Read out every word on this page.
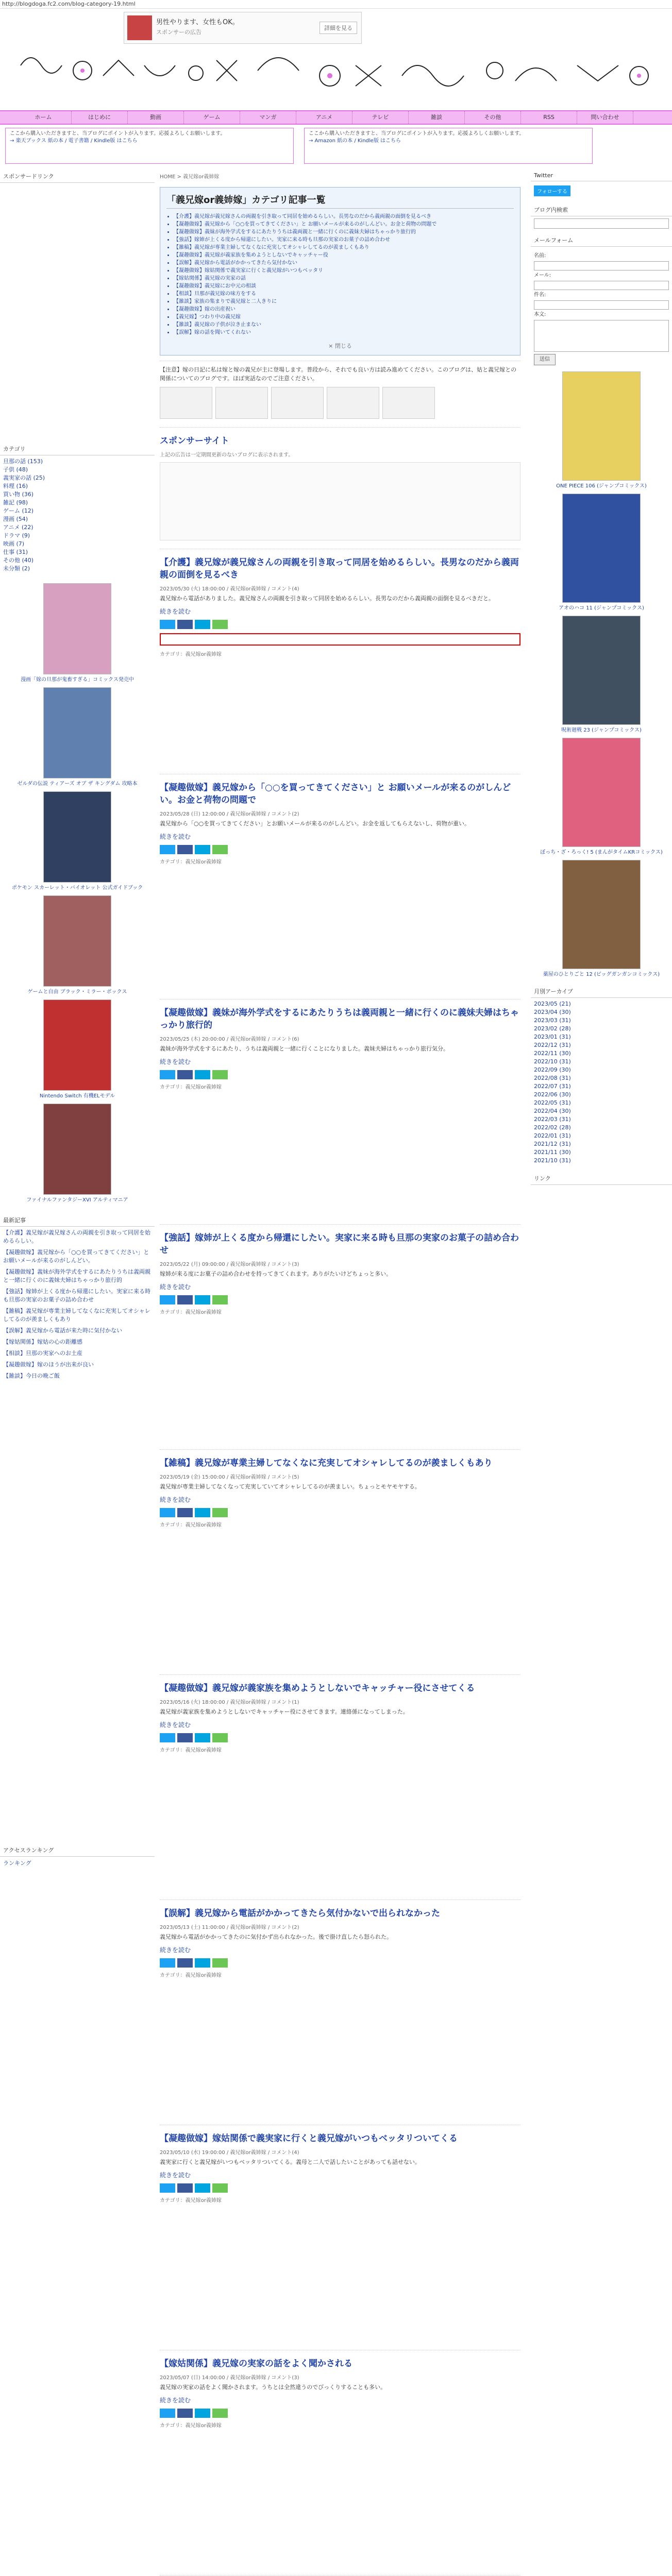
http://blogdoga.fc2.com/blog-category-19.html
男性やります、女性もOK。
スポンサーの広告
詳細を見る
ホーム	はじめに	動画	ゲーム	マンガ	アニメ	テレビ	雑談	その他	RSS	問い合わせ
ここから購入いただきますと、当ブログにポイントが入ります。応援よろしくお願いします。
→ 楽天ブックス 紙の本 / 電子書籍 / Kindle版 はこちら
ここから購入いただきますと、当ブログにポイントが入ります。応援よろしくお願いします。
→ Amazon 紙の本 / Kindle版 はこちら
スポンサードリンク
カテゴリ
旦那の話 (153)
子供 (48)
義実家の話 (25)
料理 (16)
買い物 (36)
雑記 (98)
ゲーム (12)
漫画 (54)
アニメ (22)
ドラマ (9)
映画 (7)
仕事 (31)
その他 (40)
未分類 (2)
漫画「嫁の旦那が鬼畜すぎる」コミックス発売中
ゼルダの伝説 ティアーズ オブ ザ キングダム 攻略本
ポケモン スカーレット・バイオレット 公式ガイドブック
ゲームと自由 ブラック・ミラー・ボックス
Nintendo Switch 有機ELモデル
ファイナルファンタジーXVI アルティマニア
最新記事
【介護】義兄嫁が義兄嫁さんの両親を引き取って同居を始めるらしい。
【凝趣做嫁】義兄嫁から「○○を買ってきてください」と お願いメールが来るのがしんどい。
【凝趣做嫁】義妹が海外学式をするにあたりうちは義両親と一緒に行くのに義妹夫婦はちゃっかり旅行的
【強話】嫁姉が上くる度から帰還にしたい。実家に来る時も旦那の実家のお菓子の詰め合わせ
【雑稿】義兄嫁が専業主婦してなくなに充実してオシャレしてるのが羨ましくもあり
【誤解】義兄嫁から電話が来た時に気付かない
【嫁姑関係】嫁姑の心の距離感
【相談】旦那の実家へのお土産
【凝趣做嫁】嫁のほうが出来が良い
【雑談】今日の晩ご飯
アクセスランキング
ランキング
HOME > 義兄嫁or義姉嫁
「義兄嫁or義姉嫁」カテゴリ記事一覧
• 【介護】義兄嫁が義兄嫁さんの両親を引き取って同居を始めるらしい。長男なのだから義両親の面倒を見るべき
• 【凝趣做嫁】義兄嫁から「○○を買ってきてください」と お願いメールが来るのがしんどい。お金と荷物の問題で
• 【凝趣做嫁】義妹が海外学式をするにあたりうちは義両親と一緒に行くのに義妹夫婦はちゃっかり旅行的
• 【強話】嫁姉が上くる度から帰還にしたい。実家に来る時も旦那の実家のお菓子の詰め合わせ
• 【雑稿】義兄嫁が専業主婦してなくなに充実してオシャレしてるのが羨ましくもあり
• 【凝趣做嫁】義兄嫁が義家族を集めようとしないでキャッチャー役
• 【誤解】義兄嫁から電話がかかってきたら気付かない
• 【凝趣做嫁】嫁姑関係で義実家に行くと義兄嫁がいつもベッタリ
• 【嫁姑関係】義兄嫁の実家の話
• 【凝趣做嫁】義兄嫁にお中元の相談
• 【相談】旦那が義兄嫁の味方をする
• 【雑談】家族の集まりで義兄嫁と二人きりに
• 【凝趣做嫁】嫁の出産祝い
• 【義兄嫁】つわり中の義兄嫁
• 【雑談】義兄嫁の子供が泣き止まない
• 【誤解】嫁の話を聞いてくれない
× 閉じる
【注意】嫁の日記に私は嫁と嫁の義兄が主に登場します。普段から、それでも良い方は読み進めてください。このブログは、姑と義兄嫁との関係についてのブログです。ほぼ実話なのでご注意ください。
スポンサーサイト
上記の広告は一定期間更新のないブログに表示されます。
【介護】義兄嫁が義兄嫁さんの両親を引き取って同居を始めるらしい。長男なのだから義両親の面倒を見るべき
2023/05/30 (火) 18:00:00 / 義兄嫁or義姉嫁 / コメント(4)
義兄嫁から電話がありました。義兄嫁さんの両親を引き取って同居を始めるらしい。長男なのだから義両親の面倒を見るべきだと。
続きを読む
カテゴリ：義兄嫁or義姉嫁
【凝趣做嫁】義兄嫁から「○○を買ってきてください」と お願いメールが来るのがしんどい。お金と荷物の問題で
2023/05/28 (日) 12:00:00 / 義兄嫁or義姉嫁 / コメント(2)
義兄嫁から「○○を買ってきてください」とお願いメールが来るのがしんどい。お金を返してもらえないし、荷物が重い。
続きを読む
カテゴリ：義兄嫁or義姉嫁
【凝趣做嫁】義妹が海外学式をするにあたりうちは義両親と一緒に行くのに義妹夫婦はちゃっかり旅行的
2023/05/25 (木) 20:00:00 / 義兄嫁or義姉嫁 / コメント(6)
義妹が海外学式をするにあたり、うちは義両親と一緒に行くことになりました。義妹夫婦はちゃっかり旅行気分。
続きを読む
カテゴリ：義兄嫁or義姉嫁
【強話】嫁姉が上くる度から帰還にしたい。実家に来る時も旦那の実家のお菓子の詰め合わせ
2023/05/22 (月) 09:00:00 / 義兄嫁or義姉嫁 / コメント(3)
嫁姉が来る度にお菓子の詰め合わせを持ってきてくれます。ありがたいけどちょっと多い。
続きを読む
カテゴリ：義兄嫁or義姉嫁
【雑稿】義兄嫁が専業主婦してなくなに充実してオシャレしてるのが羨ましくもあり
2023/05/19 (金) 15:00:00 / 義兄嫁or義姉嫁 / コメント(5)
義兄嫁が専業主婦してなくなって充実していてオシャレしてるのが羨ましい。ちょっとモヤモヤする。
続きを読む
カテゴリ：義兄嫁or義姉嫁
【凝趣做嫁】義兄嫁が義家族を集めようとしないでキャッチャー役にさせてくる
2023/05/16 (火) 18:00:00 / 義兄嫁or義姉嫁 / コメント(1)
義兄嫁が義家族を集めようとしないでキャッチャー役にさせてきます。連絡係になってしまった。
続きを読む
カテゴリ：義兄嫁or義姉嫁
【誤解】義兄嫁から電話がかかってきたら気付かないで出られなかった
2023/05/13 (土) 11:00:00 / 義兄嫁or義姉嫁 / コメント(2)
義兄嫁から電話がかかってきたのに気付かず出られなかった。後で掛け直したら怒られた。
続きを読む
カテゴリ：義兄嫁or義姉嫁
【凝趣做嫁】嫁姑関係で義実家に行くと義兄嫁がいつもベッタリついてくる
2023/05/10 (水) 19:00:00 / 義兄嫁or義姉嫁 / コメント(4)
義実家に行くと義兄嫁がいつもベッタリついてくる。義母と二人で話したいことがあっても話せない。
続きを読む
カテゴリ：義兄嫁or義姉嫁
【嫁姑関係】義兄嫁の実家の話をよく聞かされる
2023/05/07 (日) 14:00:00 / 義兄嫁or義姉嫁 / コメント(3)
義兄嫁の実家の話をよく聞かされます。うちとは全然違うのでびっくりすることも多い。
続きを読む
カテゴリ：義兄嫁or義姉嫁
Twitter
フォローする
ブログ内検索
メールフォーム
名前:
メール:
件名:
本文:
送信
ONE PIECE 106 (ジャンプコミックス)
アオのハコ 11 (ジャンプコミックス)
呪術廻戦 23 (ジャンプコミックス)
ぼっち・ざ・ろっく! 5 (まんがタイムKRコミックス)
薬屋のひとりごと 12 (ビッグガンガンコミックス)
月別アーカイブ
2023/05 (21)
2023/04 (30)
2023/03 (31)
2023/02 (28)
2023/01 (31)
2022/12 (31)
2022/11 (30)
2022/10 (31)
2022/09 (30)
2022/08 (31)
2022/07 (31)
2022/06 (30)
2022/05 (31)
2022/04 (30)
2022/03 (31)
2022/02 (28)
2022/01 (31)
2021/12 (31)
2021/11 (30)
2021/10 (31)
リンク
